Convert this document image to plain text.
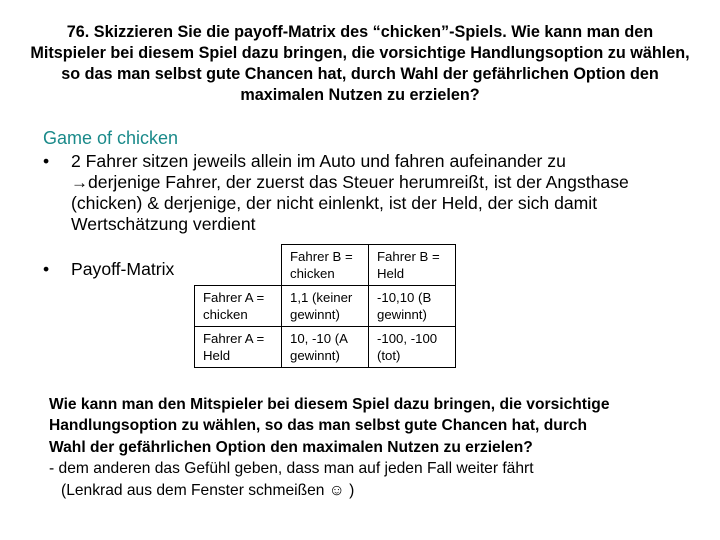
76. Skizzieren Sie die payoff-Matrix des “chicken”-Spiels. Wie kann man den Mitspieler bei diesem Spiel dazu bringen, die vorsichtige Handlungsoption zu wählen, so das man selbst gute Chancen hat, durch Wahl der gefährlichen Option den maximalen Nutzen zu erzielen?
Game of chicken
• 2 Fahrer sitzen jeweils allein im Auto und fahren aufeinander zu
→derjenige Fahrer, der zuerst das Steuer herumreißt, ist der Angsthase (chicken) & derjenige, der nicht einlenkt, ist der Held, der sich damit Wertschätzung verdient
• Payoff-Matrix
	Fahrer B = chicken	Fahrer B = Held
Fahrer A = chicken	1,1 (keiner gewinnt)	-10,10 (B gewinnt)
Fahrer A = Held	10, -10 (A gewinnt)	-100, -100 (tot)
Wie kann man den Mitspieler bei diesem Spiel dazu bringen, die vorsichtige
Handlungsoption zu wählen, so das man selbst gute Chancen hat, durch
Wahl der gefährlichen Option den maximalen Nutzen zu erzielen?
- dem anderen das Gefühl geben, dass man auf jeden Fall weiter fährt
(Lenkrad aus dem Fenster schmeißen ☺ )
